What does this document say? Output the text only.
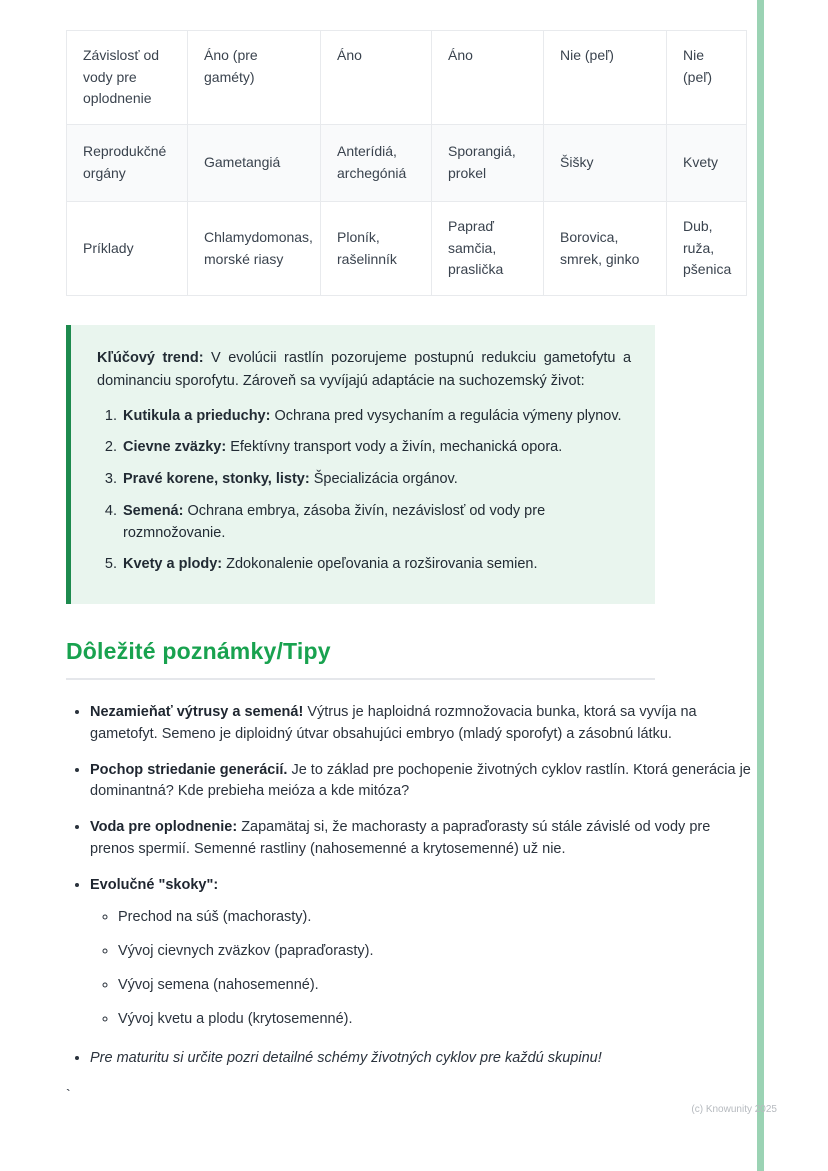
Závislosť od vody pre oplodnenie	Áno (pre gaméty)	Áno	Áno	Nie (peľ)	Nie (peľ)
Reprodukčné orgány	Gametangiá	Anterídiá, archegóniá	Sporangiá, prokel	Šišky	Kvety
Príklady	Chlamydomonas, morské riasy	Ploník, rašelinník	Papraď samčia, praslička	Borovica, smrek, ginko	Dub, ruža, pšenica

Kľúčový trend: V evolúcii rastlín pozorujeme postupnú redukciu gametofytu a dominanciu sporofytu. Zároveň sa vyvíjajú adaptácie na suchozemský život:

1. Kutikula a prieduchy: Ochrana pred vysychaním a regulácia výmeny plynov.
2. Cievne zväzky: Efektívny transport vody a živín, mechanická opora.
3. Pravé korene, stonky, listy: Špecializácia orgánov.
4. Semená: Ochrana embrya, zásoba živín, nezávislosť od vody pre rozmnožovanie.
5. Kvety a plody: Zdokonalenie opeľovania a rozširovania semien.
Dôležité poznámky/Tipy
• Nezamieňať výtrusy a semená! Výtrus je haploidná rozmnožovacia bunka, ktorá sa vyvíja na gametofyt. Semeno je diploidný útvar obsahujúci embryo (mladý sporofyt) a zásobnú látku.
• Pochop striedanie generácií. Je to základ pre pochopenie životných cyklov rastlín. Ktorá generácia je dominantná? Kde prebieha meióza a kde mitóza?
• Voda pre oplodnenie: Zapamätaj si, že machorasty a papraďorasty sú stále závislé od vody pre prenos spermií. Semenné rastliny (nahosemenné a krytosemenné) už nie.
• Evolučné "skoky":
◦ Prechod na súš (machorasty).
◦ Vývoj cievnych zväzkov (papraďorasty).
◦ Vývoj semena (nahosemenné).
◦ Vývoj kvetu a plodu (krytosemenné).
• Pre maturitu si určite pozri detailné schémy životných cyklov pre každú skupinu!
`
(c) Knowunity 2025
